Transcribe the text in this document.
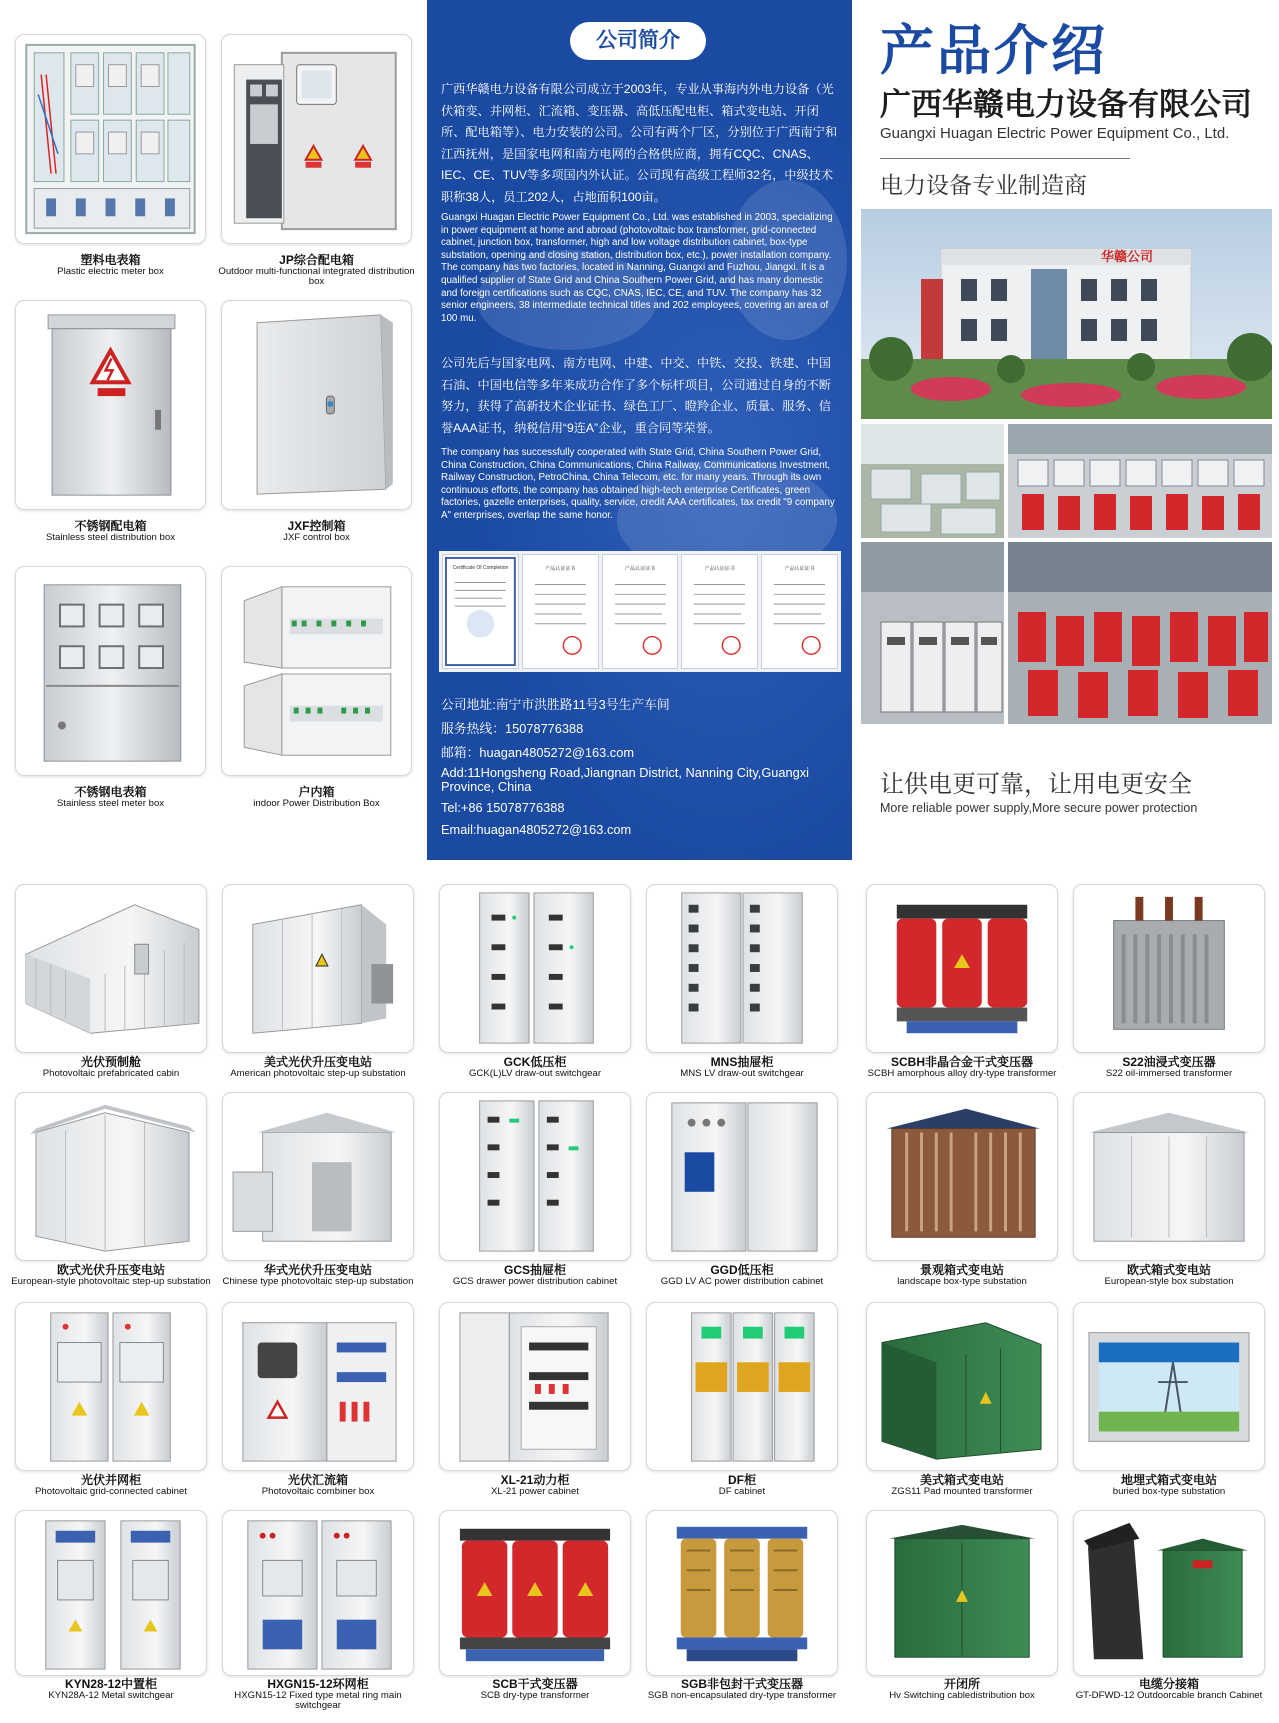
塑料电表箱
Plastic electric meter box
JP综合配电箱
Outdoor multi-functional integrated distribution box
不锈钢配电箱
Stainless steel distribution box
JXF控制箱
JXF control box
不锈钢电表箱
Stainless steel meter box
户内箱
indoor Power Distribution Box
公司简介
广西华赣电力设备有限公司成立于2003年，专业从事海内外电力设备（光伏箱变、并网柜、汇流箱、变压器、高低压配电柜、箱式变电站、开闭所、配电箱等）、电力安装的公司。公司有两个厂区，分别位于广西南宁和江西抚州，是国家电网和南方电网的合格供应商，拥有CQC、CNAS、IEC、CE、TUV等多项国内外认证。公司现有高级工程师32名，中级技术职称38人，员工202人，占地面积100亩。
Guangxi Huagan Electric Power Equipment Co., Ltd. was established in 2003, specializing in power equipment at home and abroad (photovoltaic box transformer, grid-connected cabinet, junction box, transformer, high and low voltage distribution cabinet, box-type substation, opening and closing station, distribution box, etc.), power installation company. The company has two factories, located in Nanning, Guangxi and Fuzhou, Jiangxi. It is a qualified supplier of State Grid and China Southern Power Grid, and has many domestic and foreign certifications such as CQC, CNAS, IEC, CE, and TUV. The company has 32 senior engineers, 38 intermediate technical titles and 202 employees, covering an area of 100 mu.
公司先后与国家电网、南方电网、中建、中交、中铁、交投、铁建、中国石油、中国电信等多年来成功合作了多个标杆项目，公司通过自身的不断努力，获得了高新技术企业证书、绿色工厂、瞪羚企业、质量、服务、信誉AAA证书，纳税信用“9连A”企业，重合同等荣誉。
The company has successfully cooperated with State Grid, China Southern Power Grid, China Construction, China Communications, China Railway, Communications Investment, Railway Construction, PetroChina, China Telecom, etc. for many years. Through its own continuous efforts, the company has obtained high-tech enterprise Certificates, green factories, gazelle enterprises, quality, service, credit AAA certificates, tax credit "9 company A" enterprises, overlap the same honor.
Certificate Of Completion	产品认证证书	产品认证证书	产品认证证书	产品认证证书
公司地址:南宁市洪胜路11号3号生产车间
服务热线：15078776388
邮箱：huagan4805272@163.com
Add:11Hongsheng Road,Jiangnan District, Nanning City,Guangxi Province, China
Tel:+86 15078776388
Email:huagan4805272@163.com
产品介绍
广西华赣电力设备有限公司
Guangxi Huagan Electric Power Equipment Co., Ltd.
电力设备专业制造商
华赣公司
让供电更可靠，让用电更安全
More reliable power supply,More secure power protection
光伏预制舱
Photovoltaic prefabricated cabin
美式光伏升压变电站
American photovoltaic step-up substation
GCK低压柜
GCK(L)LV draw-out switchgear
MNS抽屉柜
MNS LV draw-out switchgear
SCBH非晶合金干式变压器
SCBH amorphous alloy dry-type transformer
S22油浸式变压器
S22 oil-immersed transformer
欧式光伏升压变电站
European-style photovoltaic step-up substation
华式光伏升压变电站
Chinese type photovoltaic step-up substation
GCS抽屉柜
GCS drawer power distribution cabinet
GGD低压柜
GGD LV AC power distribution cabinet
景观箱式变电站
landscape box-type substation
欧式箱式变电站
European-style box substation
光伏并网柜
Photovoltaic grid-connected cabinet
光伏汇流箱
Photovoltaic combiner box
XL-21动力柜
XL-21 power cabinet
DF柜
DF cabinet
美式箱式变电站
ZGS11 Pad mounted transformer
地埋式箱式变电站
buried box-type substation
KYN28-12中置柜
KYN28A-12 Metal switchgear
HXGN15-12环网柜
HXGN15-12 Fixed type metal ring main switchgear
SCB干式变压器
SCB dry-type transformer
SGB非包封干式变压器
SGB non-encapsulated dry-type transformer
开闭所
Hv Switching cabledistribution box
电缆分接箱
GT-DFWD-12 Outdoorcable branch Cabinet
